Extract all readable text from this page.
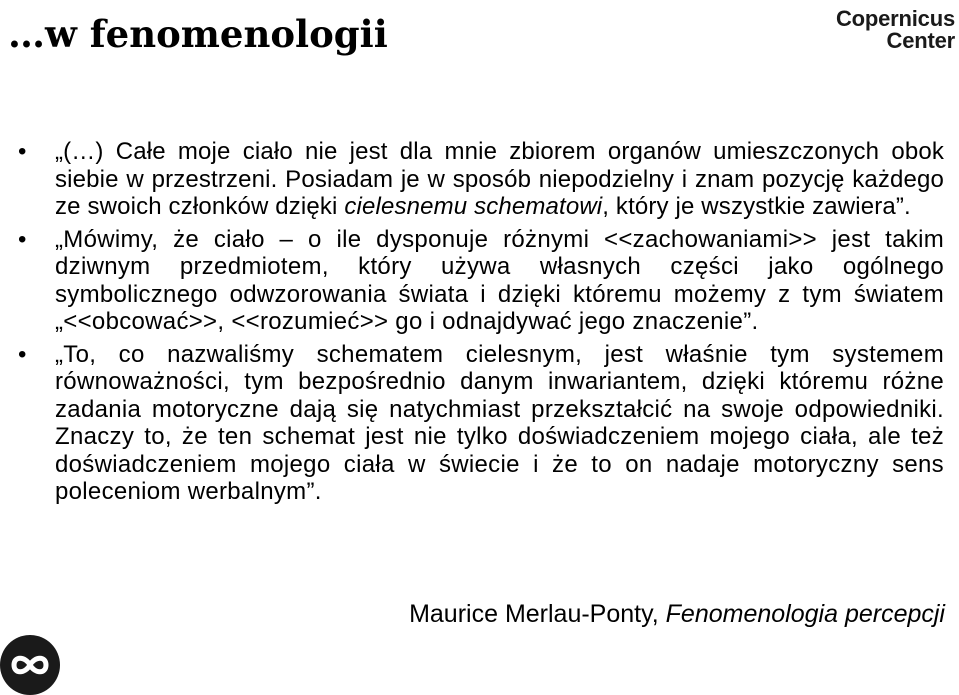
…w fenomenologii	Copernicus
Center
•	„(…) Całe moje ciało nie jest dla mnie zbiorem organów umieszczonych obok siebie w przestrzeni. Posiadam je w sposób niepodzielny i znam pozycję każdego ze swoich członków dzięki cielesnemu schematowi, który je wszystkie zawiera”.
•	„Mówimy, że ciało – o ile dysponuje różnymi <<zachowaniami>> jest takim dziwnym przedmiotem, który używa własnych części jako ogólnego symbolicznego odwzorowania świata i dzięki któremu możemy z tym światem „<<obcować>>, <<rozumieć>> go i odnajdywać jego znaczenie”.
•	„To, co nazwaliśmy schematem cielesnym, jest właśnie tym systemem równoważności, tym bezpośrednio danym inwariantem, dzięki któremu różne zadania motoryczne dają się natychmiast przekształcić na swoje odpowiedniki. Znaczy to, że ten schemat jest nie tylko doświadczeniem mojego ciała, ale też doświadczeniem mojego ciała w świecie i że to on nadaje motoryczny sens poleceniom werbalnym”.
Maurice Merlau-Ponty, Fenomenologia percepcji
